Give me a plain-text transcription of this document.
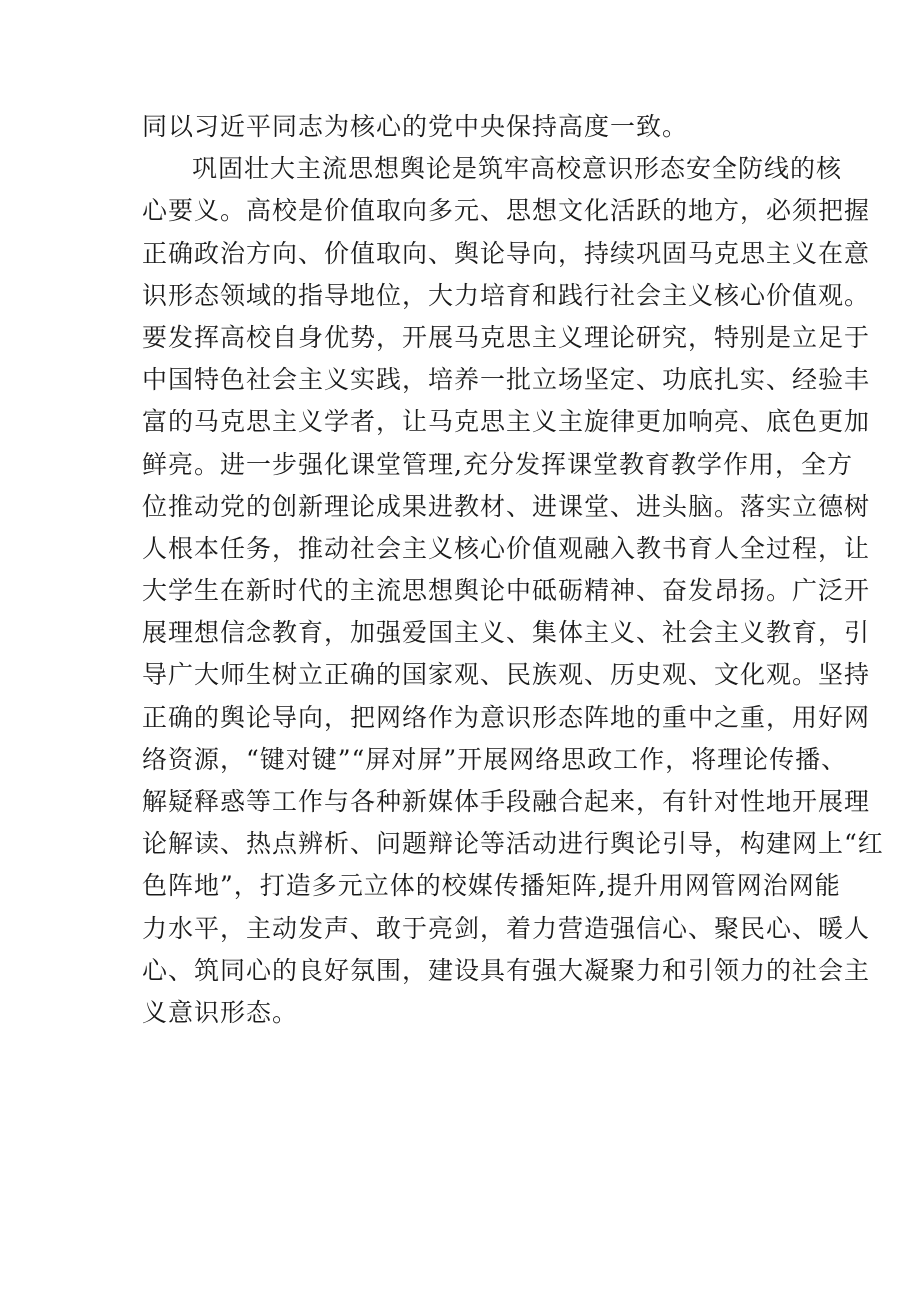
同以习近平同志为核心的党中央保持高度一致。
巩固壮大主流思想舆论是筑牢高校意识形态安全防线的核
心要义。高校是价值取向多元、思想文化活跃的地方，必须把握
正确政治方向、价值取向、舆论导向，持续巩固马克思主义在意
识形态领域的指导地位，大力培育和践行社会主义核心价值观。
要发挥高校自身优势，开展马克思主义理论研究，特别是立足于
中国特色社会主义实践，培养一批立场坚定、功底扎实、经验丰
富的马克思主义学者，让马克思主义主旋律更加响亮、底色更加
鲜亮。进一步强化课堂管理,充分发挥课堂教育教学作用，全方
位推动党的创新理论成果进教材、进课堂、进头脑。落实立德树
人根本任务，推动社会主义核心价值观融入教书育人全过程，让
大学生在新时代的主流思想舆论中砥砺精神、奋发昂扬。广泛开
展理想信念教育，加强爱国主义、集体主义、社会主义教育，引
导广大师生树立正确的国家观、民族观、历史观、文化观。坚持
正确的舆论导向，把网络作为意识形态阵地的重中之重，用好网
络资源，“键对键”“屏对屏”开展网络思政工作，将理论传播、
解疑释惑等工作与各种新媒体手段融合起来，有针对性地开展理
论解读、热点辨析、问题辩论等活动进行舆论引导，构建网上“红
色阵地”，打造多元立体的校媒传播矩阵,提升用网管网治网能
力水平，主动发声、敢于亮剑，着力营造强信心、聚民心、暖人
心、筑同心的良好氛围，建设具有强大凝聚力和引领力的社会主
义意识形态。
